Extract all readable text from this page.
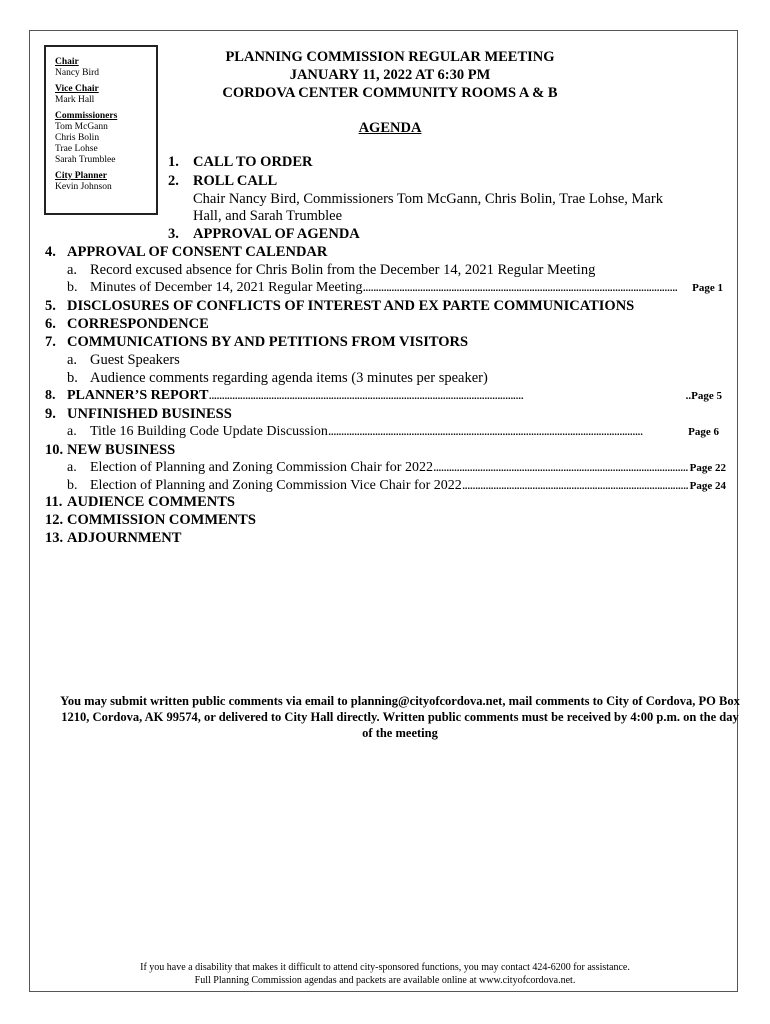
Chair
Nancy Bird
Vice Chair
Mark Hall
Commissioners
Tom McGann
Chris Bolin
Trae Lohse
Sarah Trumblee
City Planner
Kevin Johnson
PLANNING COMMISSION REGULAR MEETING
JANUARY 11, 2022 AT 6:30 PM
CORDOVA CENTER COMMUNITY ROOMS A & B
AGENDA
1. CALL TO ORDER
2. ROLL CALL
Chair Nancy Bird, Commissioners Tom McGann, Chris Bolin, Trae Lohse, Mark
Hall, and Sarah Trumblee
3. APPROVAL OF AGENDA
4. APPROVAL OF CONSENT CALENDAR
a. Record excused absence for Chris Bolin from the December 14, 2021 Regular Meeting
b. Minutes of December 14, 2021 Regular Meeting . . .	Page 1
5. DISCLOSURES OF CONFLICTS OF INTEREST AND EX PARTE COMMUNICATIONS
6. CORRESPONDENCE
7. COMMUNICATIONS BY AND PETITIONS FROM VISITORS
a. Guest Speakers
b. Audience comments regarding agenda items (3 minutes per speaker)
8. PLANNER’S REPORT . . .	..Page 5
9. UNFINISHED BUSINESS
a. Title 16 Building Code Update Discussion . . .	Page 6
10. NEW BUSINESS
a. Election of Planning and Zoning Commission Chair for 2022 . . .	Page 22
b. Election of Planning and Zoning Commission Vice Chair for 2022 . . .	Page 24
11. AUDIENCE COMMENTS
12. COMMISSION COMMENTS
13. ADJOURNMENT
You may submit written public comments via email to planning@cityofcordova.net, mail comments to City of Cordova, PO Box 1210, Cordova, AK 99574, or delivered to City Hall directly. Written public comments must be received by 4:00 p.m. on the day of the meeting
If you have a disability that makes it difficult to attend city-sponsored functions, you may contact 424-6200 for assistance.
Full Planning Commission agendas and packets are available online at www.cityofcordova.net.
